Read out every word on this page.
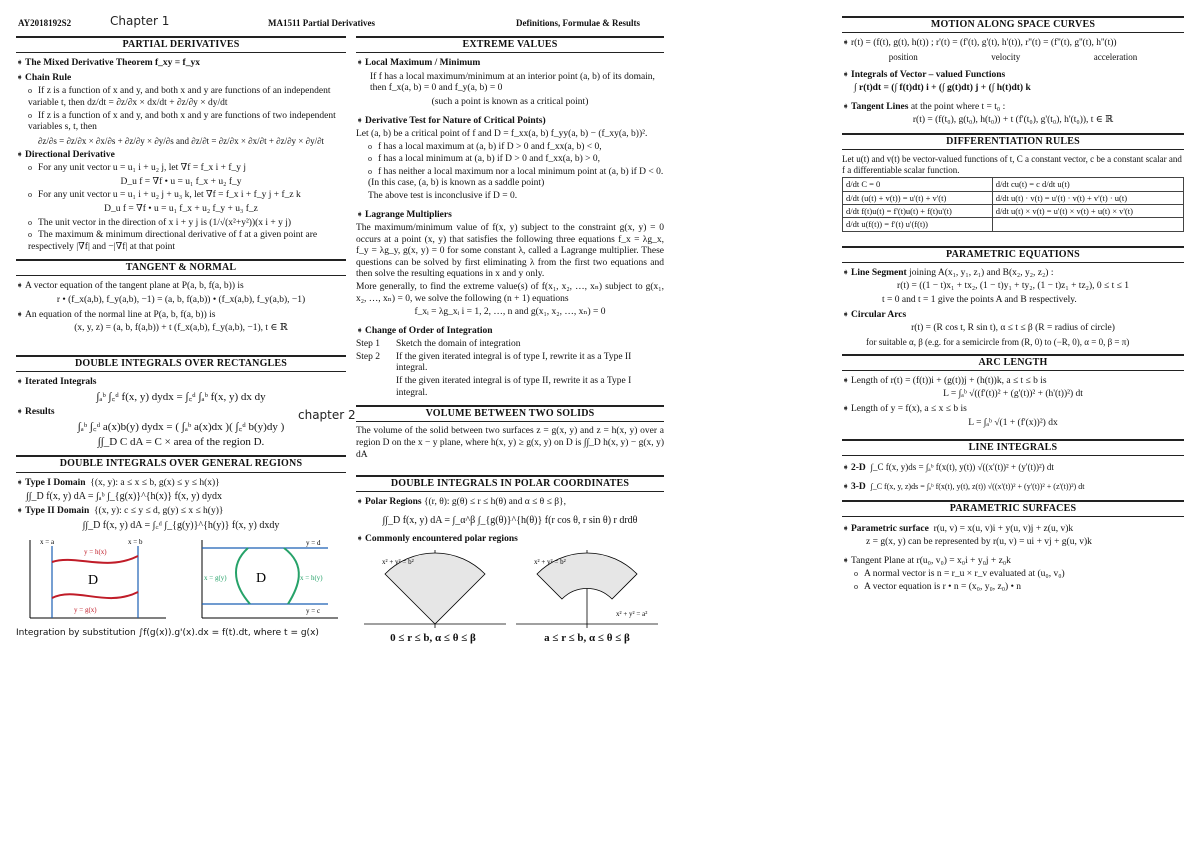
AY2018192S2	Chapter 1	MA1511 Partial Derivatives	Definitions, Formulae & Results
chapter 2
PARTIAL DERIVATIVES
➧The Mixed Derivative Theorem f_xy = f_yx
➧Chain Rule
o If z is a function of x and y, and both x and y are functions of an independent variable t, then dz/dt = ∂z/∂x × dx/dt + ∂z/∂y × dy/dt
o If z is a function of x and y, and both x and y are functions of two independent variables s, t, then
∂z/∂s = ∂z/∂x × ∂x/∂s + ∂z/∂y × ∂y/∂s and ∂z/∂t = ∂z/∂x × ∂x/∂t + ∂z/∂y × ∂y/∂t
➧Directional Derivative
o For any unit vector u = u₁ i + u₂ j, let ∇f = f_x i + f_y j
D_u f = ∇f • u = u₁ f_x + u₂ f_y
o For any unit vector u = u₁ i + u₂ j + u₃ k, let ∇f = f_x i + f_y j + f_z k
D_u f = ∇f • u = u₁ f_x + u₂ f_y + u₃ f_z
o The unit vector in the direction of x i + y j is (1/√(x²+y²))(x i + y j)
o The maximum & minimum directional derivative of f at a given point are respectively |∇f| and −|∇f| at that point
TANGENT & NORMAL
➧A vector equation of the tangent plane at P(a, b, f(a, b)) is
r • (f_x(a,b), f_y(a,b), −1) = (a, b, f(a,b)) • (f_x(a,b), f_y(a,b), −1)
➧An equation of the normal line at P(a, b, f(a, b)) is
(x, y, z) = (a, b, f(a,b)) + t (f_x(a,b), f_y(a,b), −1), t ∈ ℝ
DOUBLE INTEGRALS OVER RECTANGLES
➧Iterated Integrals
∫ₐᵇ ∫꜀ᵈ f(x, y) dydx = ∫꜀ᵈ ∫ₐᵇ f(x, y) dx dy
➧Results
∫ₐᵇ ∫꜀ᵈ a(x)b(y) dydx = ( ∫ₐᵇ a(x)dx )( ∫꜀ᵈ b(y)dy )
∫∫_D C dA = C × area of the region D.
DOUBLE INTEGRALS OVER GENERAL REGIONS
➧Type I Domain {(x, y): a ≤ x ≤ b, g(x) ≤ y ≤ h(x)}
∫∫_D f(x, y) dA = ∫ₐᵇ ∫_{g(x)}^{h(x)} f(x, y) dydx
➧Type II Domain {(x, y): c ≤ y ≤ d, g(y) ≤ x ≤ h(y)}
∫∫_D f(x, y) dA = ∫꜀ᵈ ∫_{g(y)}^{h(y)} f(x, y) dxdy
D
y = h(x)
y = g(x)
x = a	x = b
D
y = d
y = c
x = g(y)	x = h(y)
Integration by substitution ∫f(g(x)).g'(x).dx = f(t).dt, where t = g(x)
EXTREME VALUES
➧Local Maximum / Minimum
If f has a local maximum/minimum at an interior point (a, b) of its domain, then f_x(a, b) = 0 and f_y(a, b) = 0
(such a point is known as a critical point)
➧Derivative Test for Nature of Critical Points)
Let (a, b) be a critical point of f and D = f_xx(a, b) f_yy(a, b) − (f_xy(a, b))².
o f has a local maximum at (a, b) if D > 0 and f_xx(a, b) < 0,
o f has a local minimum at (a, b) if D > 0 and f_xx(a, b) > 0,
o f has neither a local maximum nor a local minimum point at (a, b) if D < 0. (In this case, (a, b) is known as a saddle point)
The above test is inconclusive if D = 0.
➧Lagrange Multipliers
The maximum/minimum value of f(x, y) subject to the constraint g(x, y) = 0 occurs at a point (x, y) that satisfies the following three equations f_x = λg_x, f_y = λg_y, g(x, y) = 0 for some constant λ, called a Lagrange multiplier. These questions can be solved by first eliminating λ from the first two equations and then solve the resulting equations in x and y only.
More generally, to find the extreme value(s) of f(x₁, x₂, …, xₙ) subject to g(x₁, x₂, …, xₙ) = 0, we solve the following (n + 1) equations
f_xᵢ = λg_xᵢ i = 1, 2, …, n and g(x₁, x₂, …, xₙ) = 0
➧Change of Order of Integration
Step 1 Sketch the domain of integration
Step 2	If the given iterated integral is of type I, rewrite it as a Type II integral.
If the given iterated integral is of type II, rewrite it as a Type I integral.
VOLUME BETWEEN TWO SOLIDS
The volume of the solid between two surfaces z = g(x, y) and z = h(x, y) over a region D on the x − y plane, where h(x, y) ≥ g(x, y) on D is ∫∫_D h(x, y) − g(x, y) dA
DOUBLE INTEGRALS IN POLAR COORDINATES
➧Polar Regions {(r, θ): g(θ) ≤ r ≤ h(θ) and α ≤ θ ≤ β},
∫∫_D f(x, y) dA = ∫_α^β ∫_{g(θ)}^{h(θ)} f(r cos θ, r sin θ) r drdθ
➧Commonly encountered polar regions
x² + y² = b²	x² + y² = b²
x² + y² = a²
0 ≤ r ≤ b, α ≤ θ ≤ β	a ≤ r ≤ b, α ≤ θ ≤ β
MOTION ALONG SPACE CURVES
➧r(t) = (f(t), g(t), h(t)) ; r'(t) = (f'(t), g'(t), h'(t)), r''(t) = (f''(t), g''(t), h''(t))
position	velocity	acceleration
➧Integrals of Vector – valued Functions
∫ r(t)dt = (∫ f(t)dt) i + (∫ g(t)dt) j + (∫ h(t)dt) k
➧Tangent Lines at the point where t = t₀ :
r(t) = (f(t₀), g(t₀), h(t₀)) + t (f'(t₀), g'(t₀), h'(t₀)), t ∈ ℝ
DIFFERENTIATION RULES
Let u(t) and v(t) be vector-valued functions of t, C a constant vector, c be a constant scalar and f a differentiable scalar function.
d/dt C = 0	d/dt cu(t) = c d/dt u(t)
d/dt (u(t) + v(t)) = u'(t) + v'(t)	d/dt u(t) · v(t) = u'(t) · v(t) + v'(t) · u(t)
d/dt f(t)u(t) = f'(t)u(t) + f(t)u'(t)	d/dt u(t) × v(t) = u'(t) × v(t) + u(t) × v'(t)
d/dt u(f(t)) = f'(t) u'(f(t))	
PARAMETRIC EQUATIONS
➧Line Segment joining A(x₁, y₁, z₁) and B(x₂, y₂, z₂) :
r(t) = ((1 − t)x₁ + tx₂, (1 − t)y₁ + ty₂, (1 − t)z₁ + tz₂), 0 ≤ t ≤ 1
t = 0 and t = 1 give the points A and B respectively.
➧Circular Arcs
r(t) = (R cos t, R sin t), α ≤ t ≤ β (R = radius of circle)
for suitable α, β (e.g. for a semicircle from (R, 0) to (−R, 0), α = 0, β = π)
ARC LENGTH
➧Length of r(t) = (f(t))i + (g(t))j + (h(t))k, a ≤ t ≤ b is
L = ∫ₐᵇ √((f'(t))² + (g'(t))² + (h'(t))²) dt
➧Length of y = f(x), a ≤ x ≤ b is
L = ∫ₐᵇ √(1 + (f'(x))²) dx
LINE INTEGRALS
➧2-D ∫_C f(x, y)ds = ∫ₐᵇ f(x(t), y(t)) √((x'(t))² + (y'(t))²) dt
➧3-D ∫_C f(x, y, z)ds = ∫ₐᵇ f(x(t), y(t), z(t)) √((x'(t))² + (y'(t))² + (z'(t))²) dt
PARAMETRIC SURFACES
➧Parametric surface r(u, v) = x(u, v)i + y(u, v)j + z(u, v)k
z = g(x, y) can be represented by r(u, v) = ui + vj + g(u, v)k
➧Tangent Plane at r(u₀, v₀) = x₀i + y₀j + z₀k
o A normal vector is n = r_u × r_v evaluated at (u₀, v₀)
o A vector equation is r • n = (x₀, y₀, z₀) • n
